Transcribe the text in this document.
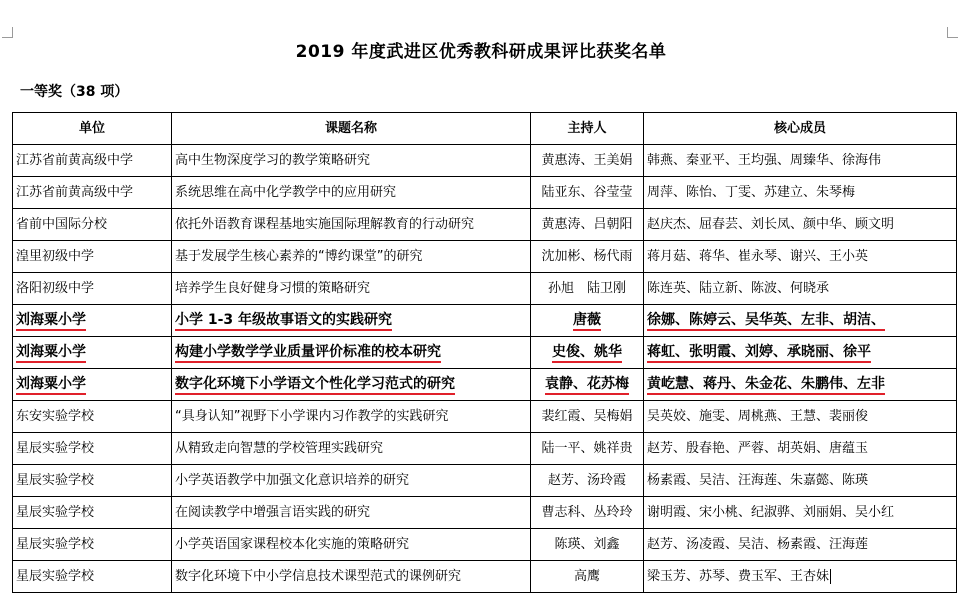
2019 年度武进区优秀教科研成果评比获奖名单
一等奖（38 项）
单位	课题名称	主持人	核心成员
江苏省前黄高级中学	高中生物深度学习的教学策略研究	黄惠涛、王美娟	韩燕、秦亚平、王均强、周臻华、徐海伟
江苏省前黄高级中学	系统思维在高中化学教学中的应用研究	陆亚东、谷莹莹	周萍、陈怡、丁雯、苏建立、朱琴梅
省前中国际分校	依托外语教育课程基地实施国际理解教育的行动研究	黄惠涛、吕朝阳	赵庆杰、屈春芸、刘长凤、颜中华、顾文明
湟里初级中学	基于发展学生核心素养的“博约课堂”的研究	沈加彬、杨代雨	蒋月菇、蒋华、崔永琴、谢兴、王小英
洛阳初级中学	培养学生良好健身习惯的策略研究	孙旭　陆卫刚	陈连英、陆立新、陈波、何晓承
刘海粟小学	小学 1-3 年级故事语文的实践研究	唐薇	徐娜、陈婷云、吴华英、左非、胡洁、
刘海粟小学	构建小学数学学业质量评价标准的校本研究	史俊、姚华	蒋虹、张明霞、刘婷、承晓丽、徐平
刘海粟小学	数字化环境下小学语文个性化学习范式的研究	袁静、花苏梅	黄屹慧、蒋丹、朱金花、朱鹏伟、左非
东安实验学校	“具身认知”视野下小学课内习作教学的实践研究	裴红霞、吴梅娟	吴英姣、施雯、周桃燕、王慧、裴丽俊
星辰实验学校	从精致走向智慧的学校管理实践研究	陆一平、姚祥贵	赵芳、殷春艳、严蓉、胡英娟、唐蕴玉
星辰实验学校	小学英语教学中加强文化意识培养的研究	赵芳、汤玲霞	杨素霞、吴洁、汪海莲、朱嘉懿、陈瑛
星辰实验学校	在阅读教学中增强言语实践的研究	曹志科、丛玲玲	谢明霞、宋小桃、纪淑骅、刘丽娟、吴小红
星辰实验学校	小学英语国家课程校本化实施的策略研究	陈瑛、刘鑫	赵芳、汤凌霞、吴洁、杨素霞、汪海莲
星辰实验学校	数字化环境下中小学信息技术课型范式的课例研究	高鹰	梁玉芳、苏琴、费玉军、王杏妹
